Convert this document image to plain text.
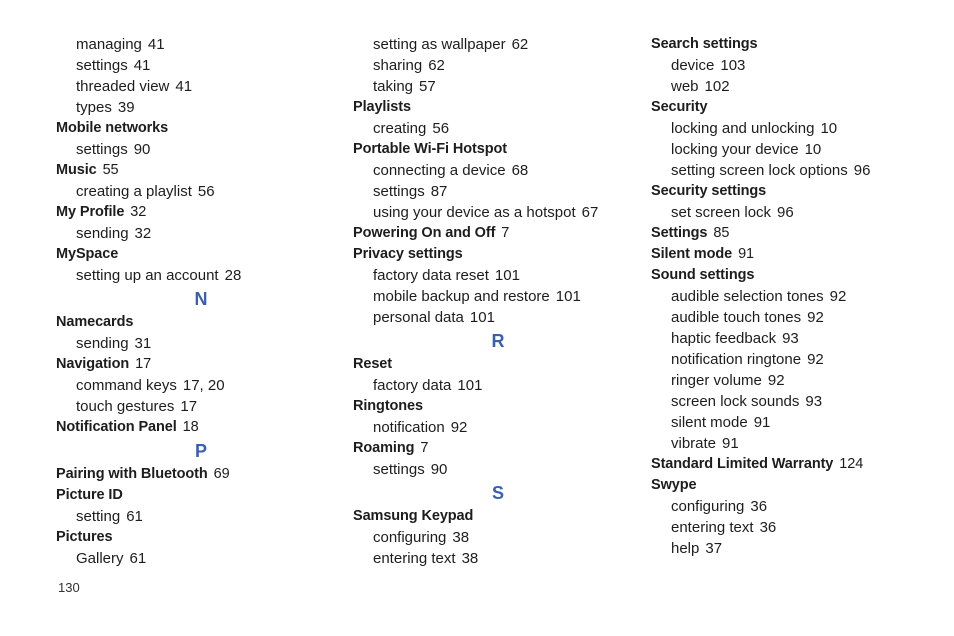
managing 41
settings 41
threaded view 41
types 39
Mobile networks
settings 90
Music 55
creating a playlist 56
My Profile 32
sending 32
MySpace
setting up an account 28
N
Namecards
sending 31
Navigation 17
command keys 17, 20
touch gestures 17
Notification Panel 18
P
Pairing with Bluetooth 69
Picture ID
setting 61
Pictures
Gallery 61
setting as wallpaper 62
sharing 62
taking 57
Playlists
creating 56
Portable Wi-Fi Hotspot
connecting a device 68
settings 87
using your device as a hotspot 67
Powering On and Off 7
Privacy settings
factory data reset 101
mobile backup and restore 101
personal data 101
R
Reset
factory data 101
Ringtones
notification 92
Roaming 7
settings 90
S
Samsung Keypad
configuring 38
entering text 38
Search settings
device 103
web 102
Security
locking and unlocking 10
locking your device 10
setting screen lock options 96
Security settings
set screen lock 96
Settings 85
Silent mode 91
Sound settings
audible selection tones 92
audible touch tones 92
haptic feedback 93
notification ringtone 92
ringer volume 92
screen lock sounds 93
silent mode 91
vibrate 91
Standard Limited Warranty 124
Swype
configuring 36
entering text 36
help 37
130
